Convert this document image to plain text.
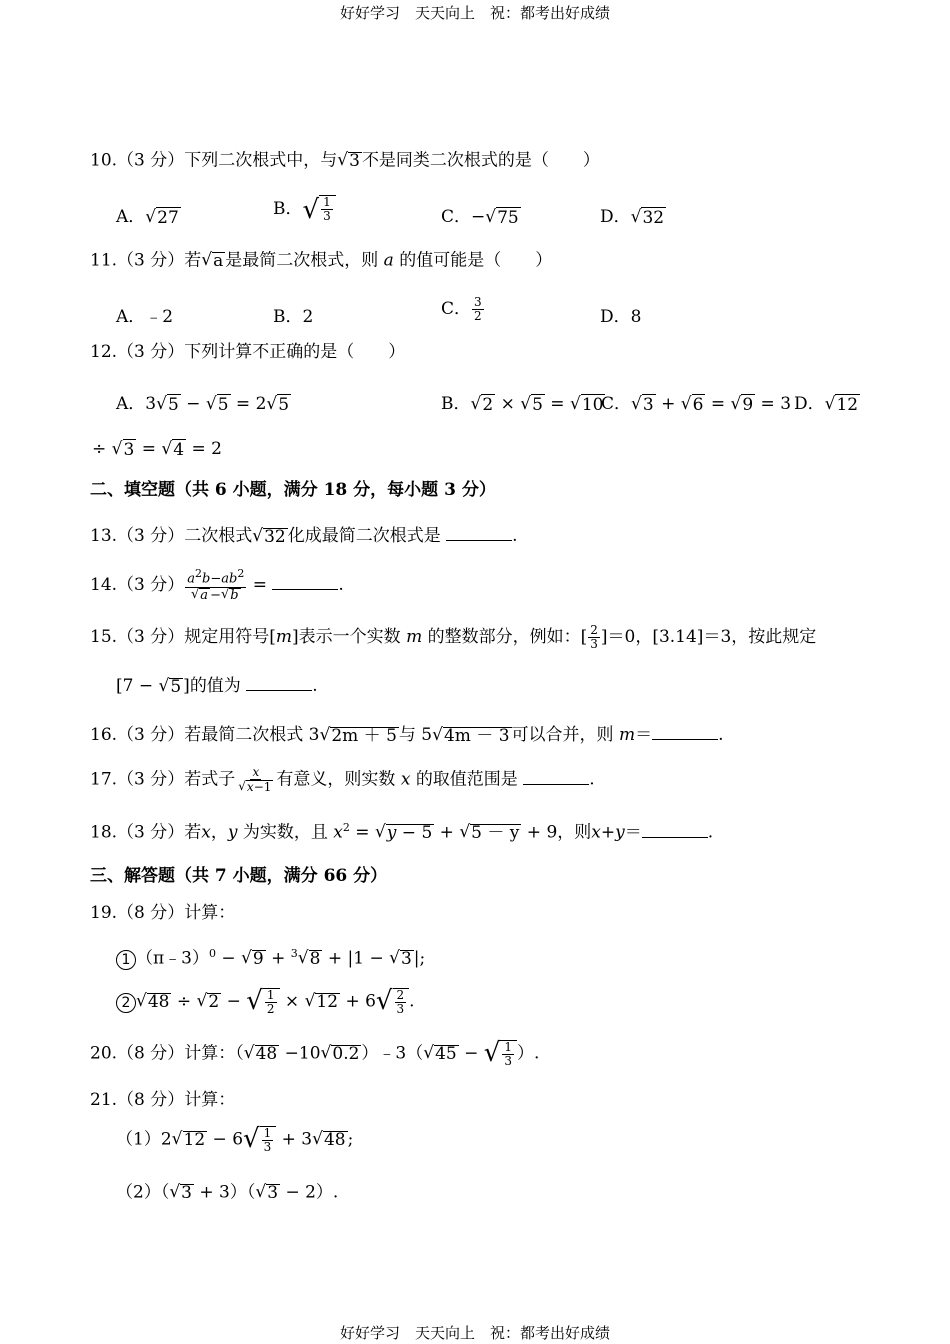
好好学习　天天向上　祝：都考出好成绩
10.（3 分）下列二次根式中，与 √ 3 不是同类二次根式的是（　　）
A． √ 27	B． √ $\frac{1}{3}$	C．− √ 75	D． √ 32
11.（3 分）若 √ a 是最简二次根式，则 a 的值可能是（　　）
A．﹣2	B．2	C． $\frac{3}{2}$	D．8
12.（3 分）下列计算不正确的是（　　）
A．3 √ 5 − √ 5 = 2 √ 5	B． √ 2 × √ 5 = √ 10
C． √ 3 + √ 6 = √ 9 = 3 D． √ 12
÷ √ 3 = √ 4 = 2
二、填空题（共 6 小题，满分 18 分，每小题 3 分）
13.（3 分）二次根式 √ 32 化成最简二次根式是	.
14.（3 分） $\frac{a^2b-ab^2}{√ a - √ b}$ =	.
15.（3 分）规定用符号[m]表示一个实数 m 的整数部分，例如：[ $\frac{2}{3} ]=0$，[3.14]＝3，按此规定
[7 − √ 5 ]的值为	.
16.（3 分）若最简二次根式 3 √ 2m ＋ 5 与 5 √ 4m － 3 可以合并，则 m＝	.
17.（3 分）若式子 $\frac{x}{√ x-1}$ 有意义，则实数 x 的取值范围是	.
18.（3 分）若x，y 为实数，且 $x^2$ = √ y − 5 + √ 5 － y + 9，则x+y＝	.
三、解答题（共 7 小题，满分 66 分）
19.（8 分）计算：
1 （π﹣3）$^0$ − √ 9 + $^3$ √ 8 + |1 − √ 3 |;
2 √ 48 ÷ √ 2 − √ $\frac{1}{2}$ × √ 12 + 6 √ $\frac{2}{3}$ .
20.（8 分）计算：（ √ 48 −10 √ 0.2 ）﹣3（ √ 45 − √ $\frac{1}{3}$ ）.
21.（8 分）计算：
（1）2 √ 12 − 6 √ $\frac{1}{3} + 3$ √ 48 ;
（2）（ √ 3 + 3）（ √ 3 − 2）.
好好学习　天天向上　祝：都考出好成绩
